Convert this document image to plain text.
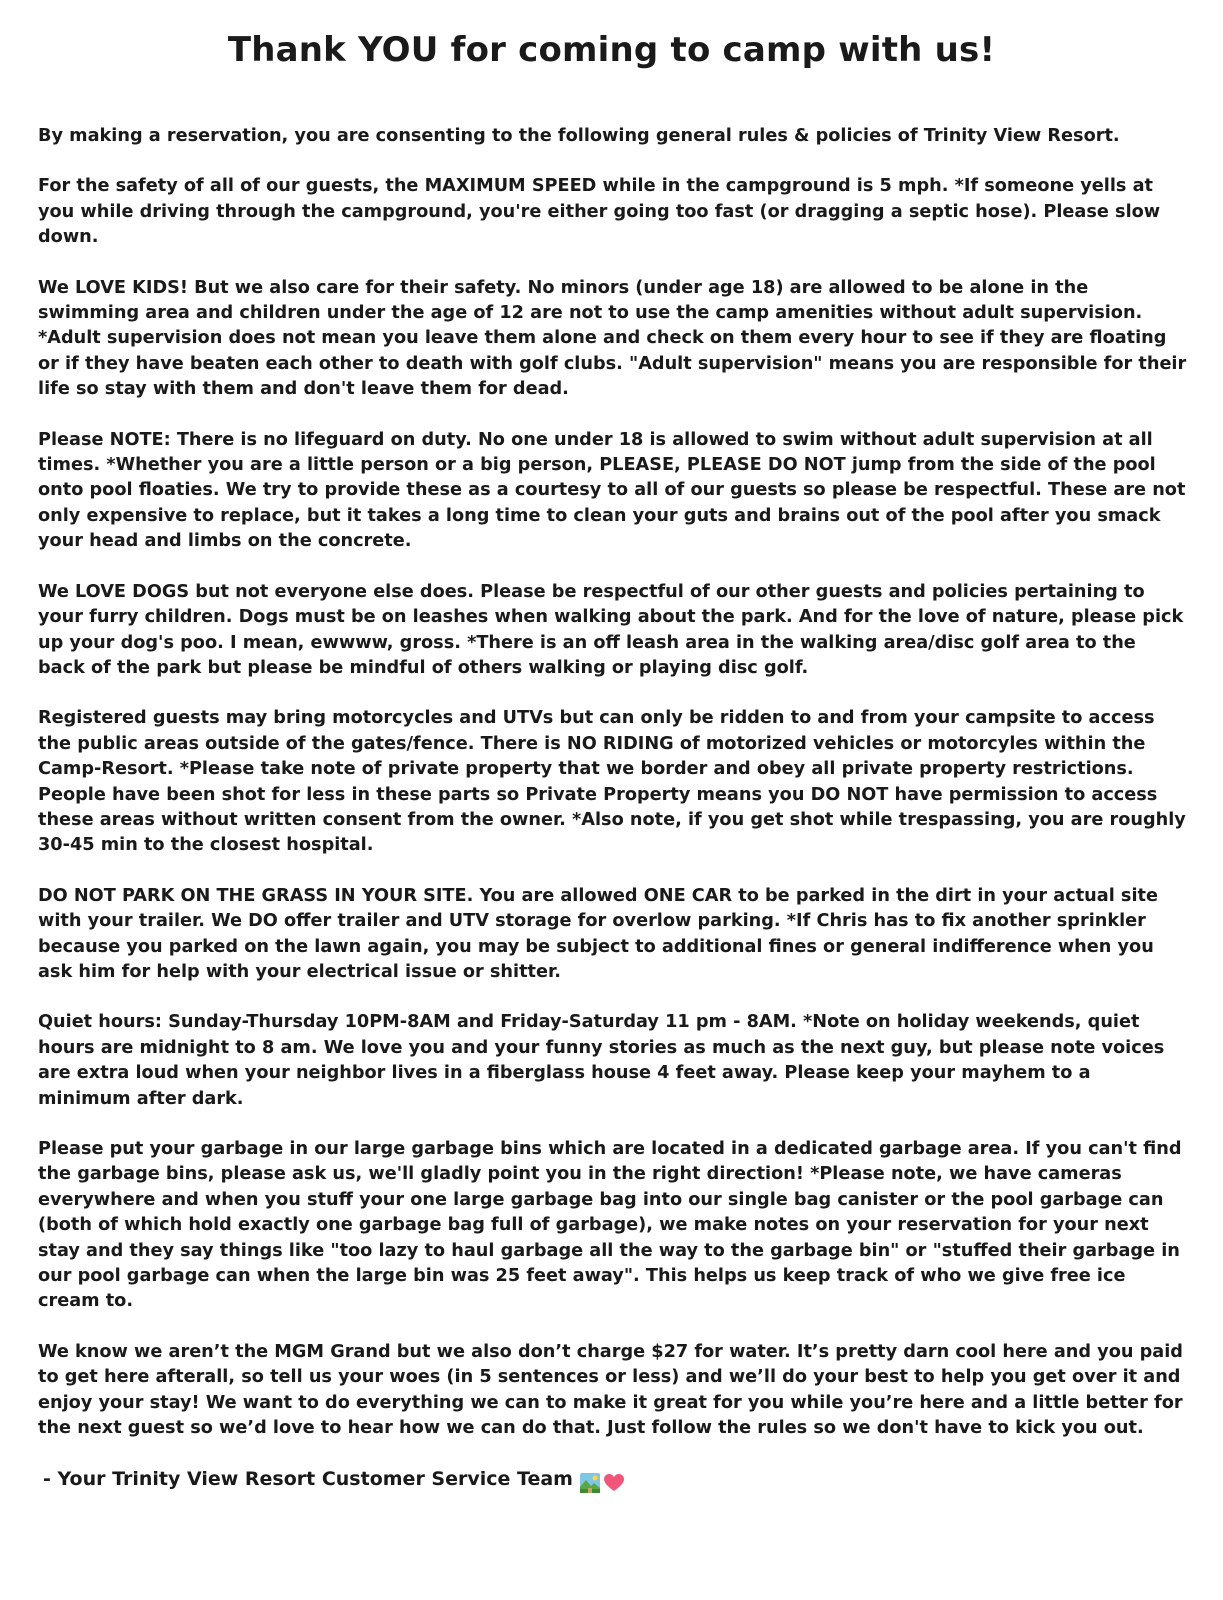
Thank YOU for coming to camp with us!

By making a reservation, you are consenting to the following general rules & policies of Trinity View Resort.

For the safety of all of our guests, the MAXIMUM SPEED while in the campground is 5 mph. *If someone yells at you while driving through the campground, you're either going too fast (or dragging a septic hose). Please slow down.

We LOVE KIDS! But we also care for their safety. No minors (under age 18) are allowed to be alone in the swimming area and children under the age of 12 are not to use the camp amenities without adult supervision. *Adult supervision does not mean you leave them alone and check on them every hour to see if they are floating or if they have beaten each other to death with golf clubs. "Adult supervision" means you are responsible for their life so stay with them and don't leave them for dead.

Please NOTE: There is no lifeguard on duty. No one under 18 is allowed to swim without adult supervision at all times. *Whether you are a little person or a big person, PLEASE, PLEASE DO NOT jump from the side of the pool onto pool floaties. We try to provide these as a courtesy to all of our guests so please be respectful. These are not only expensive to replace, but it takes a long time to clean your guts and brains out of the pool after you smack your head and limbs on the concrete.

We LOVE DOGS but not everyone else does. Please be respectful of our other guests and policies pertaining to your furry children. Dogs must be on leashes when walking about the park. And for the love of nature, please pick up your dog's poo. I mean, ewwww, gross. *There is an off leash area in the walking area/disc golf area to the back of the park but please be mindful of others walking or playing disc golf.

Registered guests may bring motorcycles and UTVs but can only be ridden to and from your campsite to access the public areas outside of the gates/fence. There is NO RIDING of motorized vehicles or motorcyles within the Camp-Resort. *Please take note of private property that we border and obey all private property restrictions. People have been shot for less in these parts so Private Property means you DO NOT have permission to access these areas without written consent from the owner. *Also note, if you get shot while trespassing, you are roughly 30-45 min to the closest hospital.

DO NOT PARK ON THE GRASS IN YOUR SITE. You are allowed ONE CAR to be parked in the dirt in your actual site with your trailer. We DO offer trailer and UTV storage for overlow parking. *If Chris has to fix another sprinkler because you parked on the lawn again, you may be subject to additional fines or general indifference when you ask him for help with your electrical issue or shitter.

Quiet hours: Sunday-Thursday 10PM-8AM and Friday-Saturday 11 pm - 8AM. *Note on holiday weekends, quiet hours are midnight to 8 am. We love you and your funny stories as much as the next guy, but please note voices are extra loud when your neighbor lives in a fiberglass house 4 feet away. Please keep your mayhem to a minimum after dark.

Please put your garbage in our large garbage bins which are located in a dedicated garbage area. If you can't find the garbage bins, please ask us, we'll gladly point you in the right direction! *Please note, we have cameras everywhere and when you stuff your one large garbage bag into our single bag canister or the pool garbage can (both of which hold exactly one garbage bag full of garbage), we make notes on your reservation for your next stay and they say things like "too lazy to haul garbage all the way to the garbage bin" or "stuffed their garbage in our pool garbage can when the large bin was 25 feet away". This helps us keep track of who we give free ice cream to.

We know we aren’t the MGM Grand but we also don’t charge $27 for water. It’s pretty darn cool here and you paid to get here afterall, so tell us your woes (in 5 sentences or less) and we’ll do your best to help you get over it and enjoy your stay! We want to do everything we can to make it great for you while you’re here and a little better for the next guest so we’d love to hear how we can do that. Just follow the rules so we don't have to kick you out.

- Your Trinity View Resort Customer Service Team
